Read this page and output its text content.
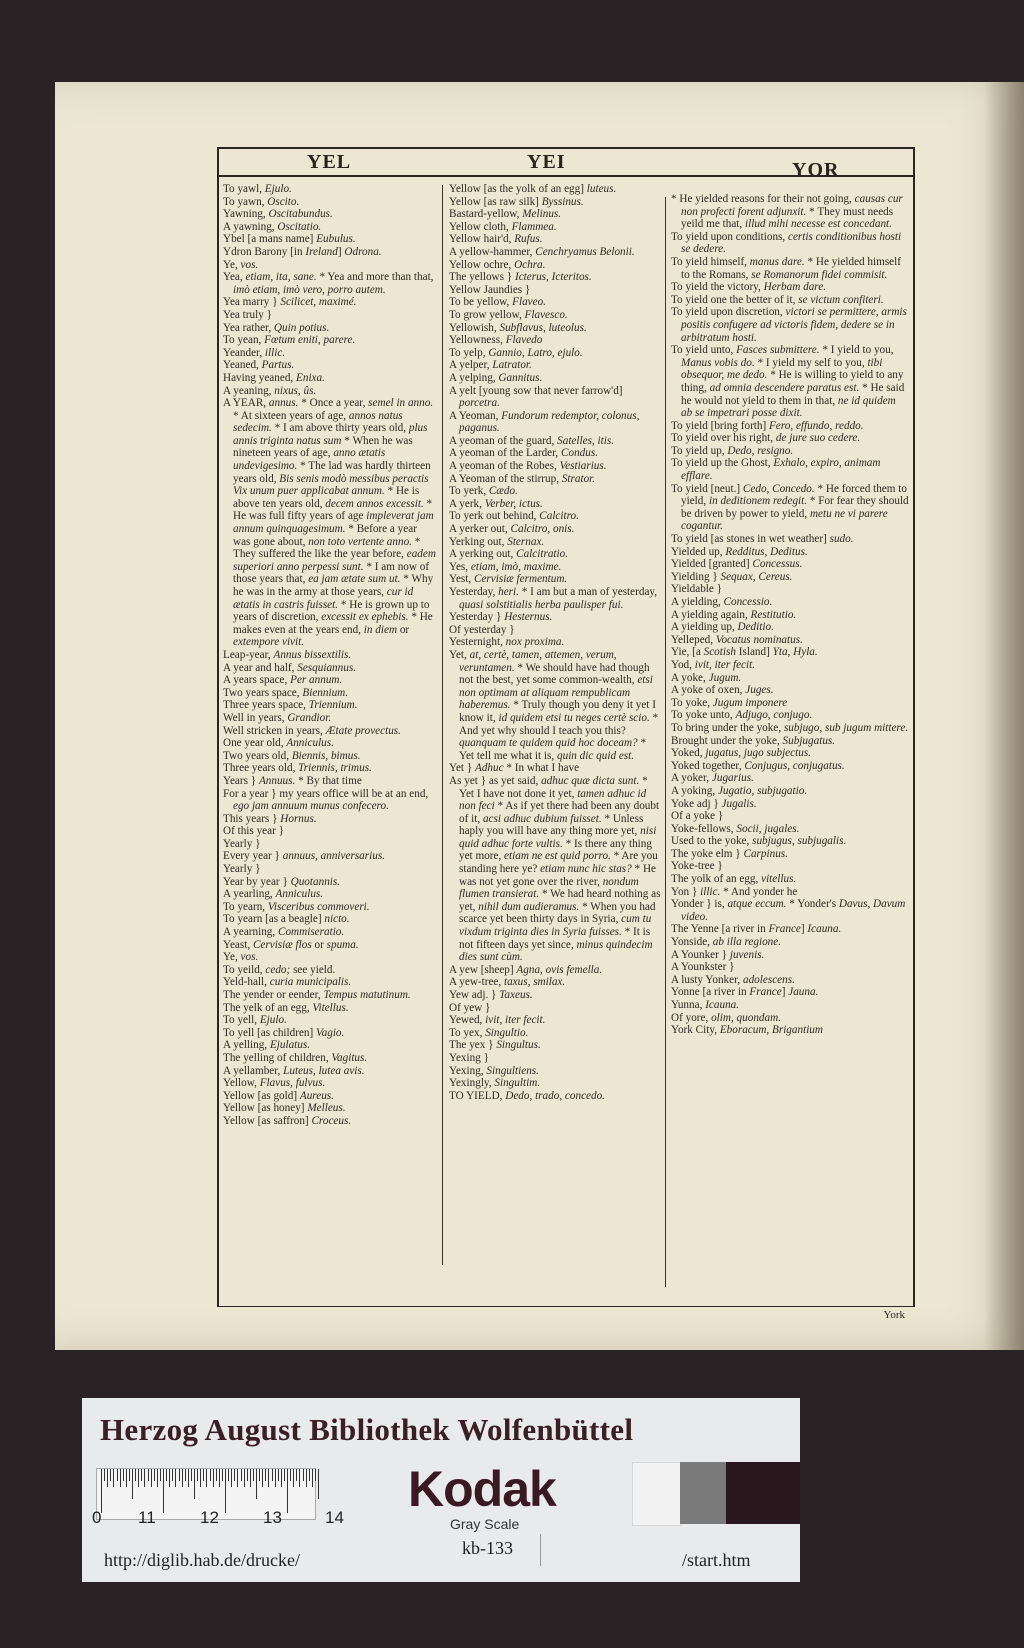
YEL	YEI	YOR

To yawl, Ejulo.

To yawn, Oscito.

Yawning, Oscitabundus.

A yawning, Oscitatio.

Ybel [a mans name] Eubulus.

Ydron Barony [in Ireland] Odrona.

Ye, vos.

Yea, etiam, ita, sane. * Yea and more than that, imò etiam, imò vero, porro autem.

Yea marry } Scilicet, maximé.

Yea truly }

Yea rather, Quin potius.

To yean, Fœtum eniti, parere.

Yeander, illic.

Yeaned, Partus.

Having yeaned, Enixa.

A yeaning, nixus, ûs.

A YEAR, annus. * Once a year, semel in anno. * At sixteen years of age, annos natus sedecim. * I am above thirty years old, plus annis triginta natus sum * When he was nineteen years of age, anno ætatis undevigesimo. * The lad was hardly thirteen years old, Bis senis modò messibus peractis Vix unum puer applicabat annum. * He is above ten years old, decem annos excessit. * He was full fifty years of age impleverat jam annum quinquagesimum. * Before a year was gone about, non toto vertente anno. * They suffered the like the year before, eadem superiori anno perpessi sunt. * I am now of those years that, ea jam ætate sum ut. * Why he was in the army at those years, cur id ætatis in castris fuisset. * He is grown up to years of discretion, excessit ex ephebis. * He makes even at the years end, in diem or extempore vivit.

Leap-year, Annus bissextilis.

A year and half, Sesquiannus.

A years space, Per annum.

Two years space, Biennium.

Three years space, Triennium.

Well in years, Grandior.

Well stricken in years, Ætate provectus.

One year old, Anniculus.

Two years old, Biennis, bimus.

Three years old, Triennis, trimus.

Years } Annuus. * By that time

For a year } my years office will be at an end, ego jam annuum munus confecero.

This years } Hornus.

Of this year }

Yearly }

Every year } annuus, anniversarius.

Yearly }

Year by year } Quotannis.

A yearling, Anniculus.

To yearn, Visceribus commoveri.

To yearn [as a beagle] nicto.

A yearning, Commiseratio.

Yeast, Cervisiæ flos or spuma.

Ye, vos.

To yeild, cedo; see yield.

Yeld-hall, curia municipalis.

The yender or eender, Tempus matutinum.

The yelk of an egg, Vitellus.

To yell, Ejulo.

To yell [as children] Vagio.

A yelling, Ejulatus.

The yelling of children, Vagitus.

A yellamber, Luteus, lutea avis.

Yellow, Flavus, fulvus.

Yellow [as gold] Aureus.

Yellow [as honey] Melleus.

Yellow [as saffron] Croceus.

Yellow [as the yolk of an egg] luteus.

Yellow [as raw silk] Byssinus.

Bastard-yellow, Melinus.

Yellow cloth, Flammea.

Yellow hair'd, Rufus.

A yellow-hammer, Cenchryamus Belonii.

Yellow ochre, Ochra.

The yellows } Icterus, Icteritos.

Yellow Jaundies }

To be yellow, Flaveo.

To grow yellow, Flavesco.

Yellowish, Subflavus, luteolus.

Yellowness, Flavedo

To yelp, Gannio, Latro, ejulo.

A yelper, Latrator.

A yelping, Gannitus.

A yelt [young sow that never farrow'd] porcetra.

A Yeoman, Fundorum redemptor, colonus, paganus.

A yeoman of the guard, Satelles, itis.

A yeoman of the Larder, Condus.

A yeoman of the Robes, Vestiarius.

A Yeoman of the stirrup, Strator.

To yerk, Cædo.

A yerk, Verber, ictus.

To yerk out behind, Calcitro.

A yerker out, Calcitro, onis.

Yerking out, Sternax.

A yerking out, Calcitratio.

Yes, etiam, imò, maxime.

Yest, Cervisiæ fermentum.

Yesterday, heri. * I am but a man of yesterday, quasi solstitialis herba paulisper fui.

Yesterday } Hesternus.

Of yesterday }

Yesternight, nox proxima.

Yet, at, certè, tamen, attemen, verum, veruntamen. * We should have had though not the best, yet some common-wealth, etsi non optimam at aliquam rempublicam haberemus. * Truly though you deny it yet I know it, id quidem etsi tu neges certè scio. * And yet why should I teach you this? quanquam te quidem quid hoc doceam? * Yet tell me what it is, quin dic quid est.

Yet } Adhuc * In what I have

As yet } as yet said, adhuc quæ dicta sunt. * Yet I have not done it yet, tamen adhuc id non feci * As if yet there had been any doubt of it, acsi adhuc dubium fuisset. * Unless haply you will have any thing more yet, nisi quid adhuc forte vultis. * Is there any thing yet more, etiam ne est quid porro. * Are you standing here ye? etiam nunc hic stas? * He was not yet gone over the river, nondum flumen transierat. * We had heard nothing as yet, nihil dum audieramus. * When you had scarce yet been thirty days in Syria, cum tu vixdum triginta dies in Syria fuisses. * It is not fifteen days yet since, minus quindecim dies sunt cùm.

A yew [sheep] Agna, ovis femella.

A yew-tree, taxus, smilax.

Yew adj. } Taxeus.

Of yew }

Yewed, ivit, iter fecit.

To yex, Singultio.

The yex } Singultus.

Yexing }

Yexing, Singultiens.

Yexingly, Singultim.

TO YIELD, Dedo, trado, concedo.

* He yielded reasons for their not going, causas cur non profecti forent adjunxit. * They must needs yeild me that, illud mihi necesse est concedant.

To yield upon conditions, certis conditionibus hosti se dedere.

To yield himself, manus dare. * He yielded himself to the Romans, se Romanorum fidei commisit.

To yield the victory, Herbam dare.

To yield one the better of it, se victum confiteri.

To yield upon discretion, victori se permittere, armis positis confugere ad victoris fidem, dedere se in arbitratum hosti.

To yield unto, Fasces submittere. * I yield to you, Manus vobis do. * I yield my self to you, tibi obsequor, me dedo. * He is willing to yield to any thing, ad omnia descendere paratus est. * He said he would not yield to them in that, ne id quidem ab se impetrari posse dixit.

To yield [bring forth] Fero, effundo, reddo.

To yield over his right, de jure suo cedere.

To yield up, Dedo, resigno.

To yield up the Ghost, Exhalo, expiro, animam efflare.

To yield [neut.] Cedo, Concedo. * He forced them to yield, in deditionem redegit. * For fear they should be driven by power to yield, metu ne vi parere cogantur.

To yield [as stones in wet weather] sudo.

Yielded up, Redditus, Deditus.

Yielded [granted] Concessus.

Yielding } Sequax, Cereus.

Yieldable }

A yielding, Concessio.

A yielding again, Restitutio.

A yielding up, Deditio.

Yelleped, Vocatus nominatus.

Yie, [a Scotish Island] Yta, Hyla.

Yod, ivit, iter fecit.

A yoke, Jugum.

A yoke of oxen, Juges.

To yoke, Jugum imponere

To yoke unto, Adjugo, conjugo.

To bring under the yoke, subjugo, sub jugum mittere.

Brought under the yoke, Subjugatus.

Yoked, jugatus, jugo subjectus.

Yoked together, Conjugus, conjugatus.

A yoker, Jugarius.

A yoking, Jugatio, subjugatio.

Yoke adj } Jugalis.

Of a yoke }

Yoke-fellows, Socii, jugales.

Used to the yoke, subjugus, subjugalis.

The yoke elm } Carpinus.

Yoke-tree }

The yolk of an egg, vitellus.

Yon } illic. * And yonder he

Yonder } is, atque eccum. * Yonder's Davus, Davum video.

The Yenne [a river in France] Icauna.

Yonside, ab illa regione.

A Younker } juvenis.

A Younkster }

A lusty Yonker, adolescens.

Yonne [a river in France] Jauna.

Yunna, Icauna.

Of yore, olim, quondam.

York City, Eboracum, Brigantium

York
Herzog August Bibliothek Wolfenbüttel
0 11	12	13	14
Kodak
Gray Scale
http://diglib.hab.de/drucke/
kb-133
/start.htm
